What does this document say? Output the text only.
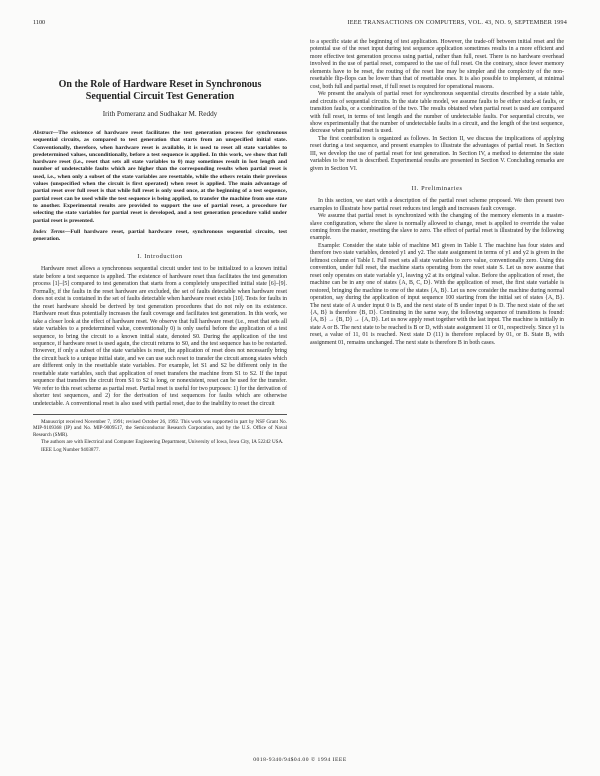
1100	IEEE TRANSACTIONS ON COMPUTERS, VOL. 43, NO. 9, SEPTEMBER 1994
On the Role of Hardware Reset in Synchronous
Sequential Circuit Test Generation
Irith Pomeranz and Sudhakar M. Reddy
Abstract—The existence of hardware reset facilitates the test generation process for synchronous sequential circuits, as compared to test generation that starts from an unspecified initial state. Conventionally, therefore, when hardware reset is available, it is used to reset all state variables to predetermined values, unconditionally, before a test sequence is applied. In this work, we show that full hardware reset (i.e., reset that sets all state variables to 0) may sometimes result in lost length and number of undetectable faults which are higher than the corresponding results when partial reset is used, i.e., when only a subset of the state variables are resettable, while the others retain their previous values (unspecified when the circuit is first operated) when reset is applied. The main advantage of partial reset over full reset is that while full reset is only used once, at the beginning of a test sequence, partial reset can be used while the test sequence is being applied, to transfer the machine from one state to another. Experimental results are provided to support the use of partial reset, a procedure for selecting the state variables for partial reset is developed, and a test generation procedure valid under partial reset is presented.
Index Terms—Full hardware reset, partial hardware reset, synchronous sequential circuits, test generation.
I. Introduction

Hardware reset allows a synchronous sequential circuit under test to be initialized to a known initial state before a test sequence is applied. The existence of hardware reset thus facilitates the test generation process [1]–[5] compared to test generation that starts from a completely unspecified initial state [6]–[9]. Formally, if the faults in the reset hardware are excluded, the set of faults detectable when hardware reset does not exist is contained in the set of faults detectable when hardware reset exists [10]. Tests for faults in the reset hardware should be derived by test generation procedures that do not rely on its existence. Hardware reset thus potentially increases the fault coverage and facilitates test generation. In this work, we take a closer look at the effect of hardware reset. We observe that full hardware reset (i.e., reset that sets all state variables to a predetermined value, conventionally 0) is only useful before the application of a test sequence, to bring the circuit to a known initial state, denoted S0. During the application of the test sequence, if hardware reset is used again, the circuit returns to S0, and the test sequence has to be restarted. However, if only a subset of the state variables is reset, the application of reset does not necessarily bring the circuit back to a unique initial state, and we can use such reset to transfer the circuit among states which are different only in the resettable state variables. For example, let S1 and S2 be different only in the resettable state variables, such that application of reset transfers the machine from S1 to S2. If the input sequence that transfers the circuit from S1 to S2 is long, or nonexistent, reset can be used for the transfer. We refer to this reset scheme as partial reset. Partial reset is useful for two purposes: 1) for the derivation of shorter test sequences, and 2) for the derivation of test sequences for faults which are otherwise undetectable. A conventional reset is also used with partial reset, due to the inability to reset the circuit

Manuscript received November 7, 1991; revised October 26, 1992. This work was supported in part by NSF Grant No. MIP-9109368 (IP) and No. MIP-9009517, the Semiconductor Research Corporation, and by the U.S. Office of Naval Research (SMR).

The authors are with Electrical and Computer Engineering Department, University of Iowa, Iowa City, IA 52242 USA.

IEEE Log Number 9403877.

to a specific state at the beginning of test application. However, the trade-off between initial reset and the potential use of the reset input during test sequence application sometimes results in a more efficient and more effective test generation process using partial, rather than full, reset. There is no hardware overhead involved in the use of partial reset, compared to the use of full reset. On the contrary, since fewer memory elements have to be reset, the routing of the reset line may be simpler and the complexity of the non-resettable flip-flops can be lower than that of resettable ones. It is also possible to implement, at minimal cost, both full and partial reset, if full reset is required for operational reasons.

We present the analysis of partial reset for synchronous sequential circuits described by a state table, and circuits of sequential circuits. In the state table model, we assume faults to be either stuck-at faults, or transition faults, or a combination of the two. The results obtained when partial reset is used are compared with full reset, in terms of test length and the number of undetectable faults. For sequential circuits, we show experimentally that the number of undetectable faults in a circuit, and the length of the test sequence, decrease when partial reset is used.

The first contribution is organized as follows. In Section II, we discuss the implications of applying reset during a test sequence, and present examples to illustrate the advantages of partial reset. In Section III, we develop the use of partial reset for test generation. In Section IV, a method to determine the state variables to be reset is described. Experimental results are presented in Section V. Concluding remarks are given in Section VI.

II. Preliminaries

In this section, we start with a description of the partial reset scheme proposed. We then present two examples to illustrate how partial reset reduces test length and increases fault coverage.

We assume that partial reset is synchronized with the changing of the memory elements in a master-slave configuration, where the slave is normally allowed to change, reset is applied to override the value coming from the master, resetting the slave to zero. The effect of partial reset is illustrated by the following example.

Example: Consider the state table of machine M1 given in Table I. The machine has four states and therefore two state variables, denoted y1 and y2. The state assignment in terms of y1 and y2 is given in the leftmost column of Table I. Full reset sets all state variables to zero value, conventionally zero. Using this convention, under full reset, the machine starts operating from the reset state S. Let us now assume that reset only operates on state variable y1, leaving y2 at its original value. Before the application of reset, the machine can be in any one of states {A, B, C, D}. With the application of reset, the first state variable is restored, bringing the machine to one of the states {A, B}. Let us now consider the machine during normal operation, say during the application of input sequence 100 starting from the initial set of states {A, B}. The next state of A under input 0 is B, and the next state of B under input 0 is D. The next state of the set {A, B} is therefore {B, D}. Continuing in the same way, the following sequence of transitions is found: {A, B} → {B, D} → {A, D}. Let us now apply reset together with the last input. The machine is initially in state A or B. The next state to be reached is B or D, with state assignment 11 or 01, respectively. Since y1 is reset, a value of 11, 01 is reached. Next state D (11) is therefore replaced by 01, or B. State B, with assignment 01, remains unchanged. The next state is therefore B in both cases.

0018-9340/94$04.00 © 1994 IEEE
